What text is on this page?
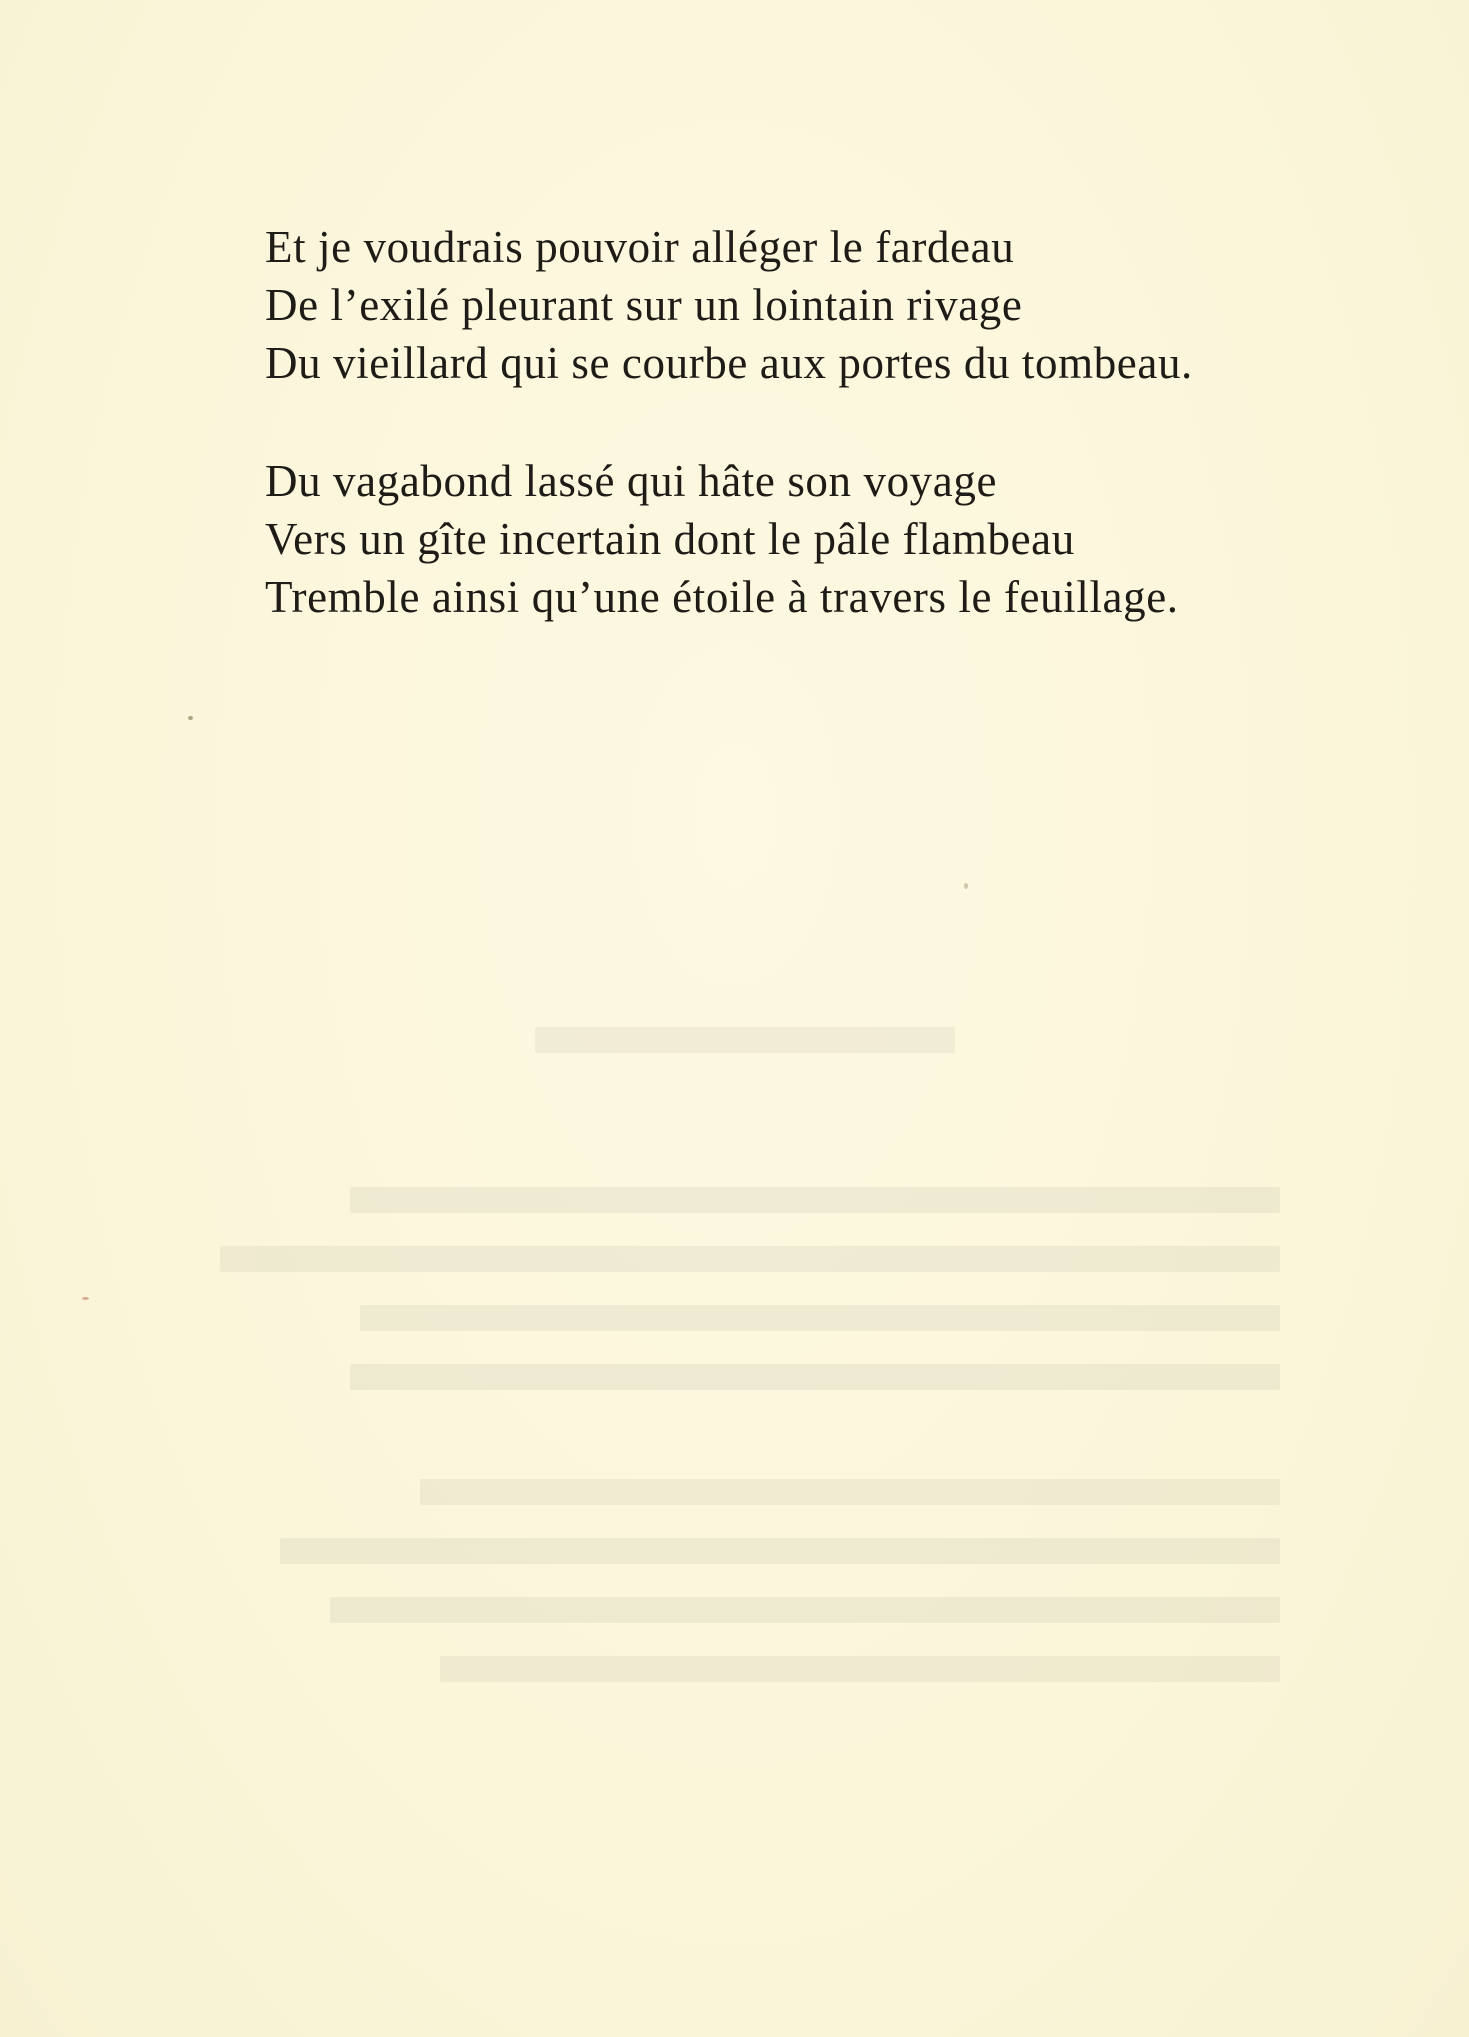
Et je voudrais pouvoir alléger le fardeau
De l’exilé pleurant sur un lointain rivage
Du vieillard qui se courbe aux portes du tombeau.
Du vagabond lassé qui hâte son voyage
Vers un gîte incertain dont le pâle flambeau
Tremble ainsi qu’une étoile à travers le feuillage.
